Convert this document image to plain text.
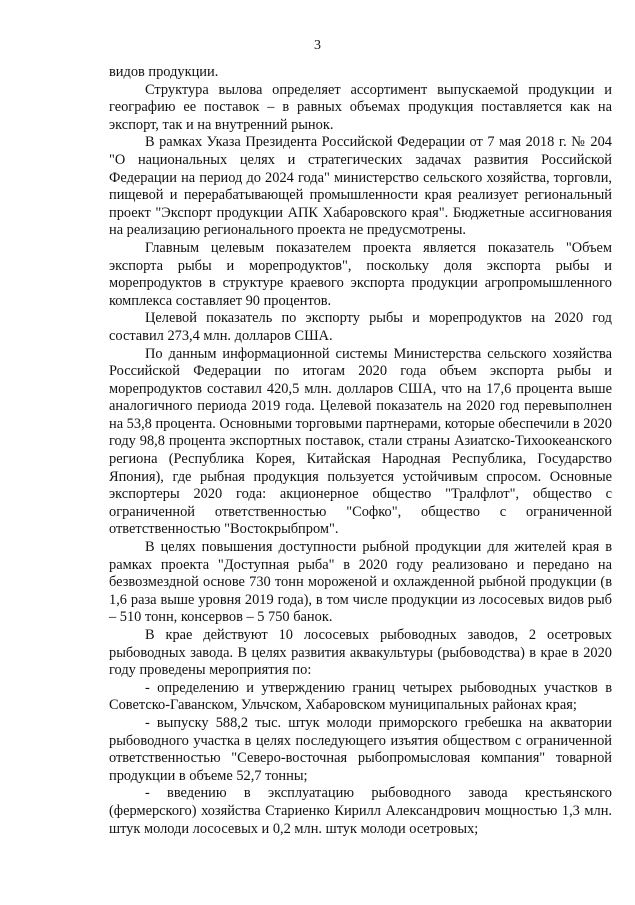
3

видов продукции.

Структура вылова определяет ассортимент выпускаемой продукции и географию ее поставок – в равных объемах продукция поставляется как на экспорт, так и на внутренний рынок.

В рамках Указа Президента Российской Федерации от 7 мая 2018 г. № 204 "О национальных целях и стратегических задачах развития Российской Федерации на период до 2024 года" министерство сельского хозяйства, торговли, пищевой и перерабатывающей промышленности края реализует региональный проект "Экспорт продукции АПК Хабаровского края". Бюджетные ассигнования на реализацию регионального проекта не предусмотрены.

Главным целевым показателем проекта является показатель "Объем экспорта рыбы и морепродуктов", поскольку доля экспорта рыбы и морепродуктов в структуре краевого экспорта продукции агропромышленного комплекса составляет 90 процентов.

Целевой показатель по экспорту рыбы и морепродуктов на 2020 год составил 273,4 млн. долларов США.

По данным информационной системы Министерства сельского хозяйства Российской Федерации по итогам 2020 года объем экспорта рыбы и морепродуктов составил 420,5 млн. долларов США, что на 17,6 процента выше аналогичного периода 2019 года. Целевой показатель на 2020 год перевыполнен на 53,8 процента. Основными торговыми партнерами, которые обеспечили в 2020 году 98,8 процента экспортных поставок, стали страны Азиатско-Тихоокеанского региона (Республика Корея, Китайская Народная Республика, Государство Япония), где рыбная продукция пользуется устойчивым спросом. Основные экспортеры 2020 года: акционерное общество "Тралфлот", общество с ограниченной ответственностью "Софко", общество с ограниченной ответственностью "Востокрыбпром".

В целях повышения доступности рыбной продукции для жителей края в рамках проекта "Доступная рыба" в 2020 году реализовано и передано на безвозмездной основе 730 тонн мороженой и охлажденной рыбной продукции (в 1,6 раза выше уровня 2019 года), в том числе продукции из лососевых видов рыб – 510 тонн, консервов – 5 750 банок.

В крае действуют 10 лососевых рыбоводных заводов, 2 осетровых рыбоводных завода. В целях развития аквакультуры (рыбоводства) в крае в 2020 году проведены мероприятия по:

- определению и утверждению границ четырех рыбоводных участков в Советско-Гаванском, Ульчском, Хабаровском муниципальных районах края;

- выпуску 588,2 тыс. штук молоди приморского гребешка на акватории рыбоводного участка в целях последующего изъятия обществом с ограниченной ответственностью "Северо-восточная рыбопромысловая компания" товарной продукции в объеме 52,7 тонны;

- введению в эксплуатацию рыбоводного завода крестьянского (фермерского) хозяйства Стариенко Кирилл Александрович мощностью 1,3 млн. штук молоди лососевых и 0,2 млн. штук молоди осетровых;
